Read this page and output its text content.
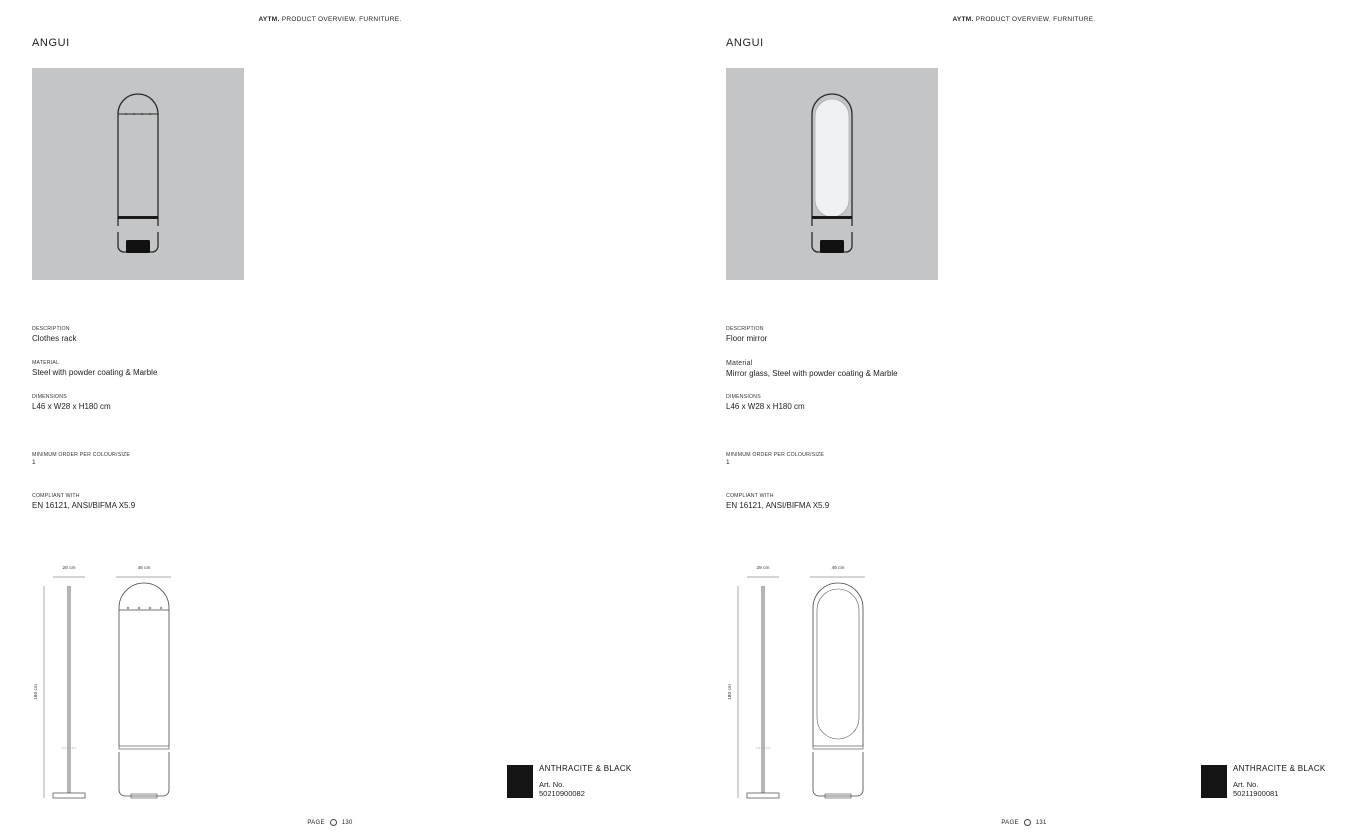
AYTM. PRODUCT OVERVIEW. FURNITURE.
ANGUI
DESCRIPTION
Clothes rack
MATERIAL
Steel with powder coating & Marble
DIMENSIONS
L46 x W28 x H180 cm
MINIMUM ORDER PER COLOUR/SIZE
1
COMPLIANT WITH
EN 16121, ANSI/BIFMA X5.9
28 cm	46 cm
180 cm
ANTHRACITE & BLACK
Art. No.
50210900082
PAGE	130
AYTM. PRODUCT OVERVIEW. FURNITURE.
ANGUI
DESCRIPTION
Floor mirror
Material
Mirror glass, Steel with powder coating & Marble
DIMENSIONS
L46 x W28 x H180 cm
MINIMUM ORDER PER COLOUR/SIZE
1
COMPLIANT WITH
EN 16121, ANSI/BIFMA X5.9
28 cm	46 cm
180 cm
ANTHRACITE & BLACK
Art. No.
50211900081
PAGE	131
